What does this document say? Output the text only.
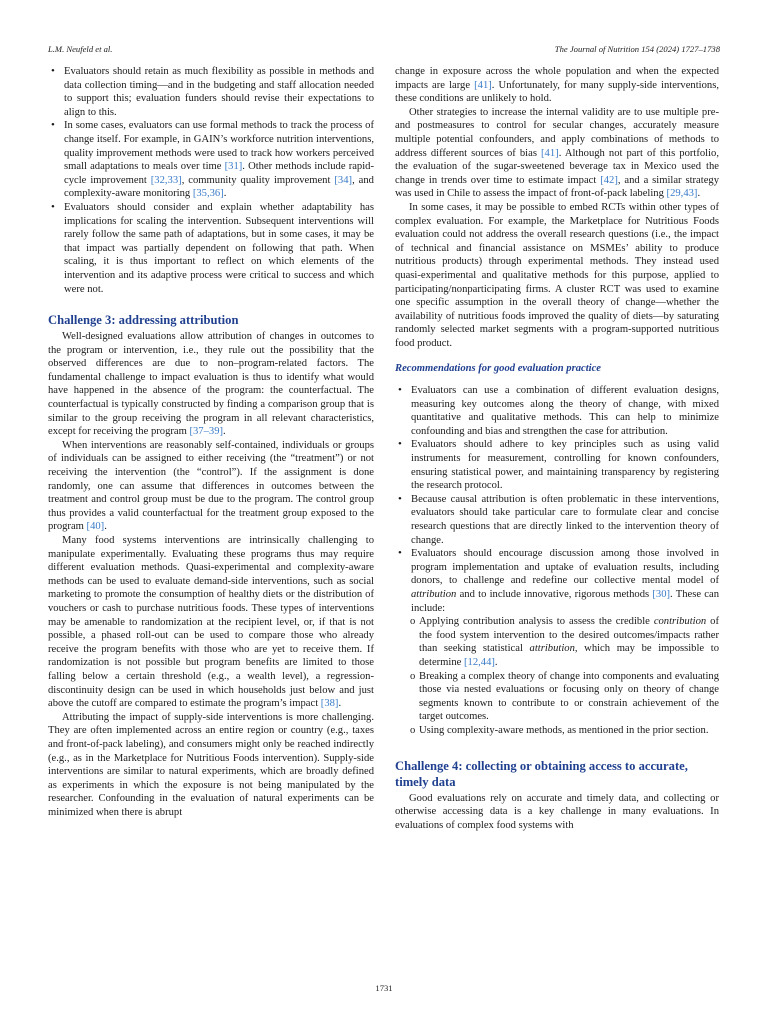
L.M. Neufeld et al.	The Journal of Nutrition 154 (2024) 1727–1738
• Evaluators should retain as much flexibility as possible in methods and data collection timing—and in the budgeting and staff allocation needed to support this; evaluation funders should revise their expectations to align to this.
• In some cases, evaluators can use formal methods to track the process of change itself. For example, in GAIN’s workforce nutrition interventions, quality improvement methods were used to track how workers perceived small adaptations to meals over time [31]. Other methods include rapid-cycle improvement [32,33], community quality improvement [34], and complexity-aware monitoring [35,36].
• Evaluators should consider and explain whether adaptability has implications for scaling the intervention. Subsequent interventions will rarely follow the same path of adaptations, but in some cases, it may be that impact was partially dependent on following that path. When scaling, it is thus important to reflect on which elements of the intervention and its adaptive process were critical to success and which were not.
Challenge 3: addressing attribution

Well-designed evaluations allow attribution of changes in outcomes to the program or intervention, i.e., they rule out the possibility that the observed differences are due to non–program-related factors. The fundamental challenge to impact evaluation is thus to identify what would have happened in the absence of the program: the counterfactual. The counterfactual is typically constructed by finding a comparison group that is similar to the group receiving the program in all relevant characteristics, except for receiving the program [37–39].

When interventions are reasonably self-contained, individuals or groups of individuals can be assigned to either receiving (the “treatment”) or not receiving the intervention (the “control”). If the assignment is done randomly, one can assume that differences in outcomes between the treatment and control group must be due to the program. The control group thus provides a valid counterfactual for the treatment group exposed to the program [40].

Many food systems interventions are intrinsically challenging to manipulate experimentally. Evaluating these programs thus may require different evaluation methods. Quasi-experimental and complexity-aware methods can be used to evaluate demand-side interventions, such as social marketing to promote the consumption of healthy diets or the distribution of vouchers or cash to purchase nutritious foods. These types of interventions may be amenable to randomization at the recipient level, or, if that is not possible, a phased roll-out can be used to compare those who already receive the program benefits with those who are yet to receive them. If randomization is not possible but program benefits are limited to those falling below a certain threshold (e.g., a wealth level), a regression-discontinuity design can be used in which households just below and just above the cutoff are compared to estimate the program’s impact [38].

Attributing the impact of supply-side interventions is more challenging. They are often implemented across an entire region or country (e.g., taxes and front-of-pack labeling), and consumers might only be reached indirectly (e.g., as in the Marketplace for Nutritious Foods intervention). Supply-side interventions are similar to natural experiments, which are broadly defined as experiments in which the exposure is not being manipulated by the researcher. Confounding in the evaluation of natural experiments can be minimized when there is abrupt

change in exposure across the whole population and when the expected impacts are large [41]. Unfortunately, for many supply-side interventions, these conditions are unlikely to hold.

Other strategies to increase the internal validity are to use multiple pre- and postmeasures to control for secular changes, accurately measure multiple potential confounders, and apply combinations of methods to address different sources of bias [41]. Although not part of this portfolio, the evaluation of the sugar-sweetened beverage tax in Mexico used the change in trends over time to estimate impact [42], and a similar strategy was used in Chile to assess the impact of front-of-pack labeling [29,43].

In some cases, it may be possible to embed RCTs within other types of complex evaluation. For example, the Marketplace for Nutritious Foods evaluation could not address the overall research questions (i.e., the impact of technical and financial assistance on MSMEs’ ability to produce nutritious products) through experimental methods. They instead used quasi-experimental and qualitative methods for this purpose, applied to participating/nonparticipating firms. A cluster RCT was used to examine one specific assumption in the overall theory of change—whether the availability of nutritious foods improved the quality of diets—by saturating randomly selected market segments with a program-supported nutritious food product.

Recommendations for good evaluation practice
• Evaluators can use a combination of different evaluation designs, measuring key outcomes along the theory of change, with mixed quantitative and qualitative methods. This can help to minimize confounding and bias and strengthen the case for attribution.
• Evaluators should adhere to key principles such as using valid instruments for measurement, controlling for known confounders, ensuring statistical power, and maintaining transparency by registering the research protocol.
• Because causal attribution is often problematic in these interventions, evaluators should take particular care to formulate clear and concise research questions that are directly linked to the intervention theory of change.
• Evaluators should encourage discussion among those involved in program implementation and uptake of evaluation results, including donors, to challenge and redefine our collective mental model of attribution and to include innovative, rigorous methods [30]. These can include:
o Applying contribution analysis to assess the credible contribution of the food system intervention to the desired outcomes/impacts rather than seeking statistical attribution, which may be impossible to determine [12,44].
o Breaking a complex theory of change into components and evaluating those via nested evaluations or focusing only on theory of change segments known to contribute to or constrain achievement of the target outcomes.
o Using complexity-aware methods, as mentioned in the prior section.
Challenge 4: collecting or obtaining access to accurate, timely data

Good evaluations rely on accurate and timely data, and collecting or otherwise accessing data is a key challenge in many evaluations. In evaluations of complex food systems with

1731
